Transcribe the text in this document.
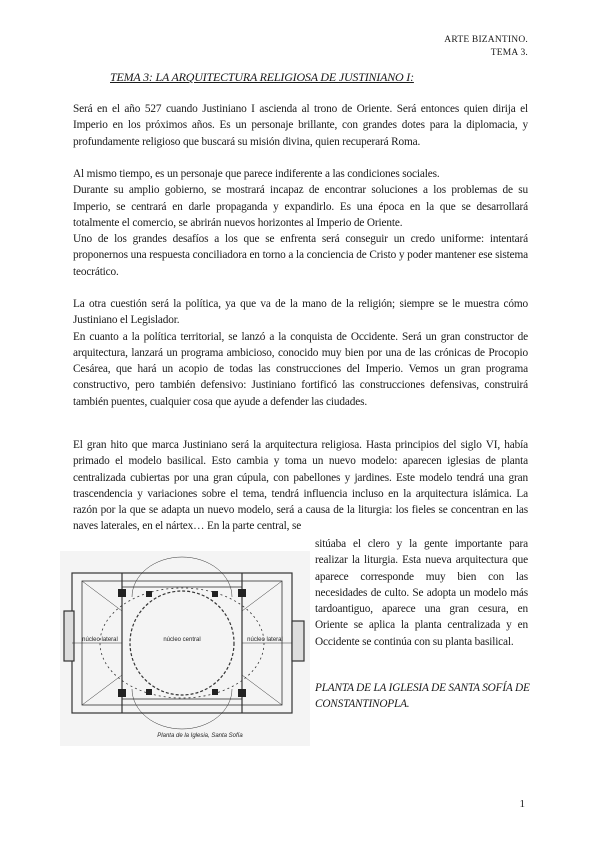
ARTE BIZANTINO.
TEMA 3.
TEMA 3: LA ARQUITECTURA RELIGIOSA DE JUSTINIANO I:

Será en el año 527 cuando Justiniano I ascienda al trono de Oriente. Será entonces quien dirija el Imperio en los próximos años. Es un personaje brillante, con grandes dotes para la diplomacia, y profundamente religioso que buscará su misión divina, quien recuperará Roma.

Al mismo tiempo, es un personaje que parece indiferente a las condiciones sociales.

Durante su amplio gobierno, se mostrará incapaz de encontrar soluciones a los problemas de su Imperio, se centrará en darle propaganda y expandirlo. Es una época en la que se desarrollará totalmente el comercio, se abrirán nuevos horizontes al Imperio de Oriente.

Uno de los grandes desafíos a los que se enfrenta será conseguir un credo uniforme: intentará proponernos una respuesta conciliadora en torno a la conciencia de Cristo y poder mantener ese sistema teocrático.

La otra cuestión será la política, ya que va de la mano de la religión; siempre se le muestra cómo Justiniano el Legislador.

En cuanto a la política territorial, se lanzó a la conquista de Occidente. Será un gran constructor de arquitectura, lanzará un programa ambicioso, conocido muy bien por una de las crónicas de Procopio Cesárea, que hará un acopio de todas las construcciones del Imperio. Vemos un gran programa constructivo, pero también defensivo: Justiniano fortificó las construcciones defensivas, construirá también puentes, cualquier cosa que ayude a defender las ciudades.

El gran hito que marca Justiniano será la arquitectura religiosa. Hasta principios del siglo VI, había primado el modelo basilical. Esto cambia y toma un nuevo modelo: aparecen iglesias de planta centralizada cubiertas por una gran cúpula, con pabellones y jardines. Este modelo tendrá una gran trascendencia y variaciones sobre el tema, tendrá influencia incluso en la arquitectura islámica. La razón por la que se adapta un nuevo modelo, será a causa de la liturgia: los fieles se concentran en las naves laterales, en el nártex… En la parte central, se

sitúaba el clero y la gente importante para realizar la liturgia. Esta nueva arquitectura que aparece corresponde muy bien con las necesidades de culto. Se adopta un modelo más tardoantiguo, aparece una gran cesura, en Oriente se aplica la planta centralizada y en Occidente se continúa con su planta basilical.
PLANTA DE LA IGLESIA DE SANTA SOFÍA DE CONSTANTINOPLA.
núcleo central
núcleo lateral	núcleo lateral
Planta de la Iglesia, Santa Sofía
1
